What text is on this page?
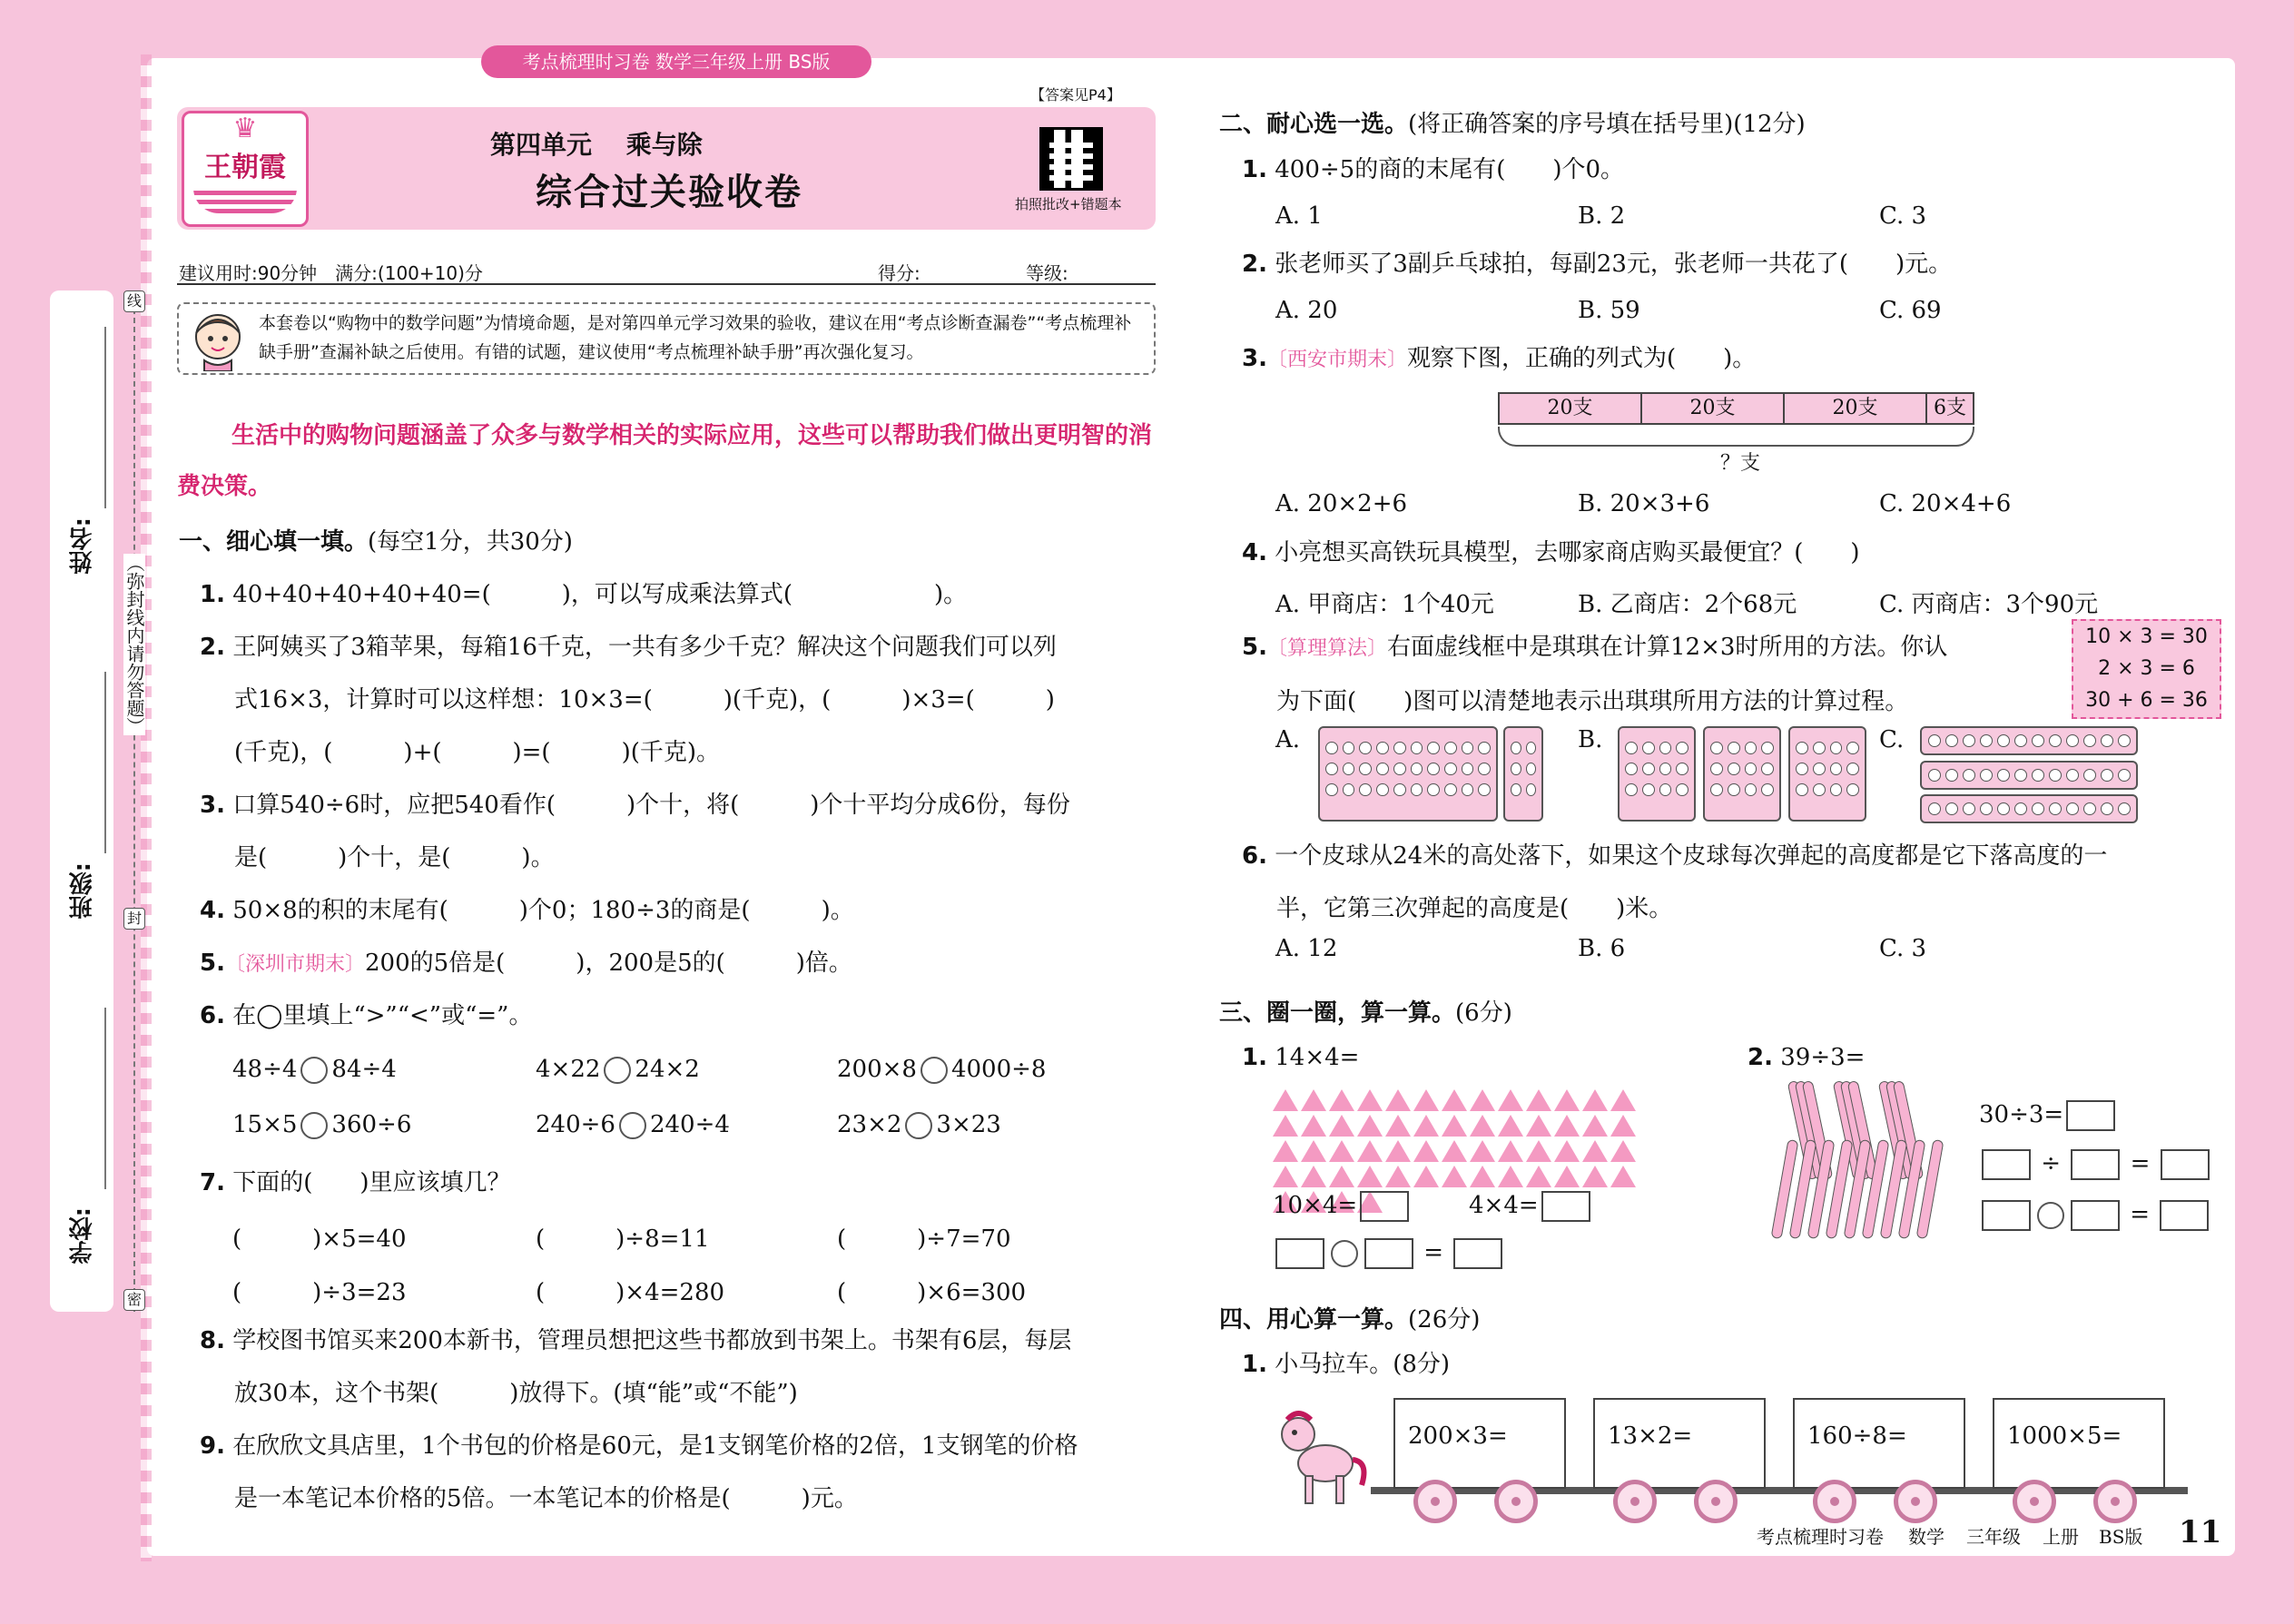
姓名:
班级:
学校:
线
（弥封线内请勿答题）
封
密
考点梳理时习卷 数学三年级上册 BS版
♛
王朝霞
【答案见P4】
第四单元　 乘与除
综合过关验收卷	拍照批改+错题本
建议用时:90分钟　满分:(100+10)分	得分:	等级:
本套卷以“购物中的数学问题”为情境命题，是对第四单元学习效果的验收，建议在用“考点诊断查漏卷”“考点梳理补缺手册”查漏补缺之后使用。有错的试题，建议使用“考点梳理补缺手册”再次强化复习。
生活中的购物问题涵盖了众多与数学相关的实际应用，这些可以帮助我们做出更明智的消费决策。
一、细心填一填。(每空1分，共30分)
1. 40+40+40+40+40=(　　　)，可以写成乘法算式(　　　　　　)。
2. 王阿姨买了3箱苹果，每箱16千克，一共有多少千克？解决这个问题我们可以列
式16×3，计算时可以这样想：10×3=(　　　)(千克)，(　　　)×3=(　　　)
(千克)，(　　　)+(　　　)=(　　　)(千克)。
3. 口算540÷6时，应把540看作(　　　)个十，将(　　　)个十平均分成6份，每份
是(　　　)个十，是(　　　)。
4. 50×8的积的末尾有(　　　)个0；180÷3的商是(　　　)。
5.〔深圳市期末〕200的5倍是(　　　)，200是5的(　　　)倍。
6. 在◯里填上“>”“<”或“=”。
48÷4 84÷4	4×22 24×2	200×8 4000÷8
15×5 360÷6	240÷6 240÷4	23×2 3×23
7. 下面的(　　)里应该填几？
(　　　)×5=40	(　　　)÷8=11	(　　　)÷7=70
(　　　)÷3=23	(　　　)×4=280	(　　　)×6=300
8. 学校图书馆买来200本新书，管理员想把这些书都放到书架上。书架有6层，每层
放30本，这个书架(　　　)放得下。(填“能”或“不能”)
9. 在欣欣文具店里，1个书包的价格是60元，是1支钢笔价格的2倍，1支钢笔的价格
是一本笔记本价格的5倍。一本笔记本的价格是(　　　)元。
二、耐心选一选。(将正确答案的序号填在括号里)(12分)
1. 400÷5的商的末尾有(　　)个0。
A. 1	B. 2	C. 3
2. 张老师买了3副乒乓球拍，每副23元，张老师一共花了(　　)元。
A. 20	B. 59	C. 69
3.〔西安市期末〕观察下图，正确的列式为(　　)。
20支	20支	20支	6支
？支
A. 20×2+6	B. 20×3+6	C. 20×4+6
4. 小亮想买高铁玩具模型，去哪家商店购买最便宜？(　　)
A. 甲商店：1个40元	B. 乙商店：2个68元	C. 丙商店：3个90元
5.〔算理算法〕右面虚线框中是琪琪在计算12×3时所用的方法。你认
为下面(　　)图可以清楚地表示出琪琪所用方法的计算过程。
10 × 3 = 30
2 × 3 = 6
30 + 6 = 36
A.	B.	C.
6. 一个皮球从24米的高处落下，如果这个皮球每次弹起的高度都是它下落高度的一
半，它第三次弹起的高度是(　　)米。
A. 12	B. 6	C. 3
三、圈一圈，算一算。(6分)
1. 14×4=
10×4=	4×4=
=
2. 39÷3=
30÷3=
÷  =
=
四、用心算一算。(26分)
1. 小马拉车。(8分)
200×3=	13×2=	160÷8=	1000×5=
考点梳理时习卷 数学 三年级 上册 BS版 11
